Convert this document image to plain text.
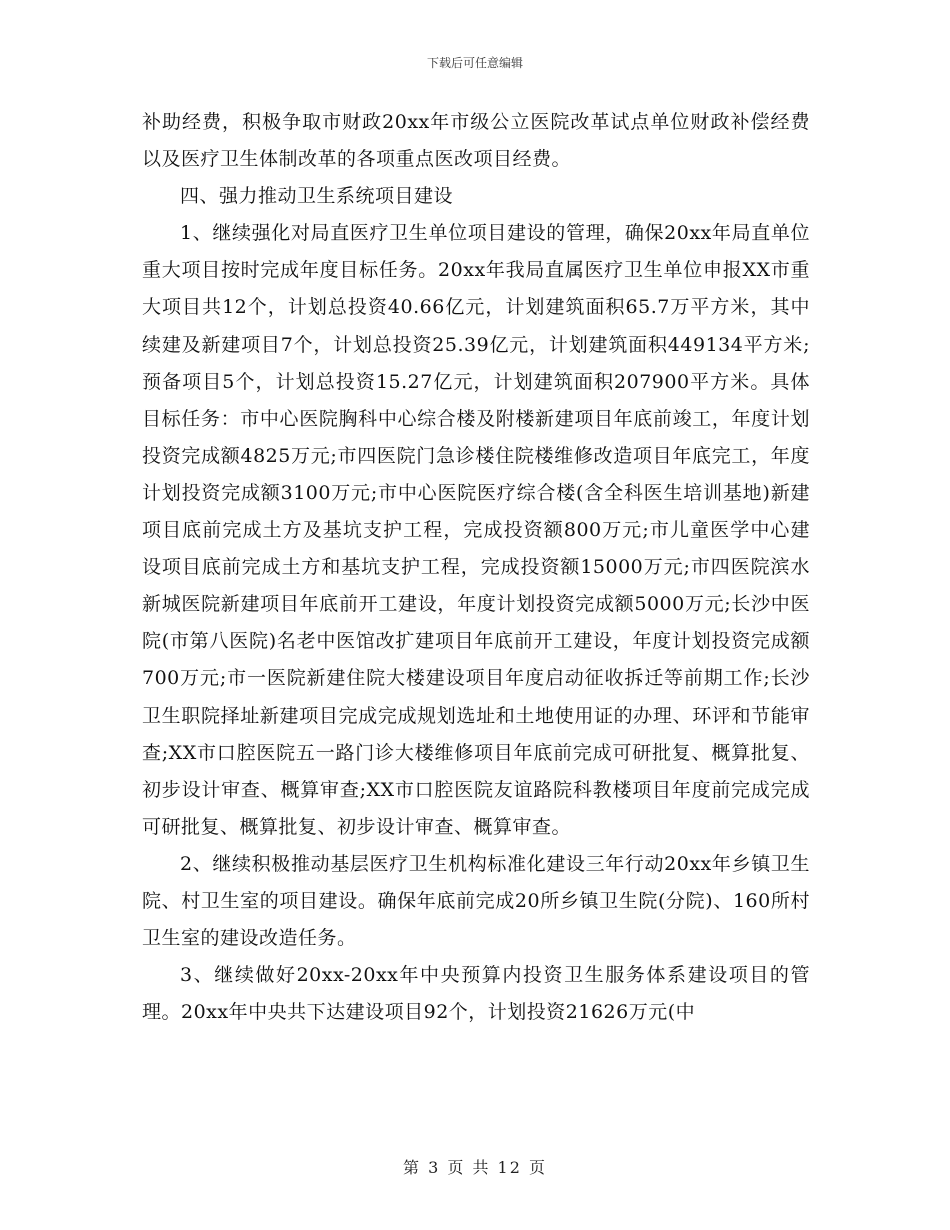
下载后可任意编辑

补助经费，积极争取市财政20xx年市级公立医院改革试点单位财政补偿经费以及医疗卫生体制改革的各项重点医改项目经费。

四、强力推动卫生系统项目建设

1、继续强化对局直医疗卫生单位项目建设的管理，确保20xx年局直单位重大项目按时完成年度目标任务。20xx年我局直属医疗卫生单位申报XX市重大项目共12个，计划总投资40.66亿元，计划建筑面积65.7万平方米，其中续建及新建项目7个，计划总投资25.39亿元，计划建筑面积449134平方米;预备项目5个，计划总投资15.27亿元，计划建筑面积207900平方米。具体目标任务：市中心医院胸科中心综合楼及附楼新建项目年底前竣工，年度计划投资完成额4825万元;市四医院门急诊楼住院楼维修改造项目年底完工，年度计划投资完成额3100万元;市中心医院医疗综合楼(含全科医生培训基地)新建项目底前完成土方及基坑支护工程，完成投资额800万元;市儿童医学中心建设项目底前完成土方和基坑支护工程，完成投资额15000万元;市四医院滨水新城医院新建项目年底前开工建设，年度计划投资完成额5000万元;长沙中医院(市第八医院)名老中医馆改扩建项目年底前开工建设，年度计划投资完成额700万元;市一医院新建住院大楼建设项目年度启动征收拆迁等前期工作;长沙卫生职院择址新建项目完成完成规划选址和土地使用证的办理、环评和节能审查;XX市口腔医院五一路门诊大楼维修项目年底前完成可研批复、概算批复、初步设计审查、概算审查;XX市口腔医院友谊路院科教楼项目年度前完成完成可研批复、概算批复、初步设计审查、概算审查。

2、继续积极推动基层医疗卫生机构标准化建设三年行动20xx年乡镇卫生院、村卫生室的项目建设。确保年底前完成20所乡镇卫生院(分院)、160所村卫生室的建设改造任务。

3、继续做好20xx-20xx年中央预算内投资卫生服务体系建设项目的管理。20xx年中央共下达建设项目92个，计划投资21626万元(中

第 3 页 共 12 页
